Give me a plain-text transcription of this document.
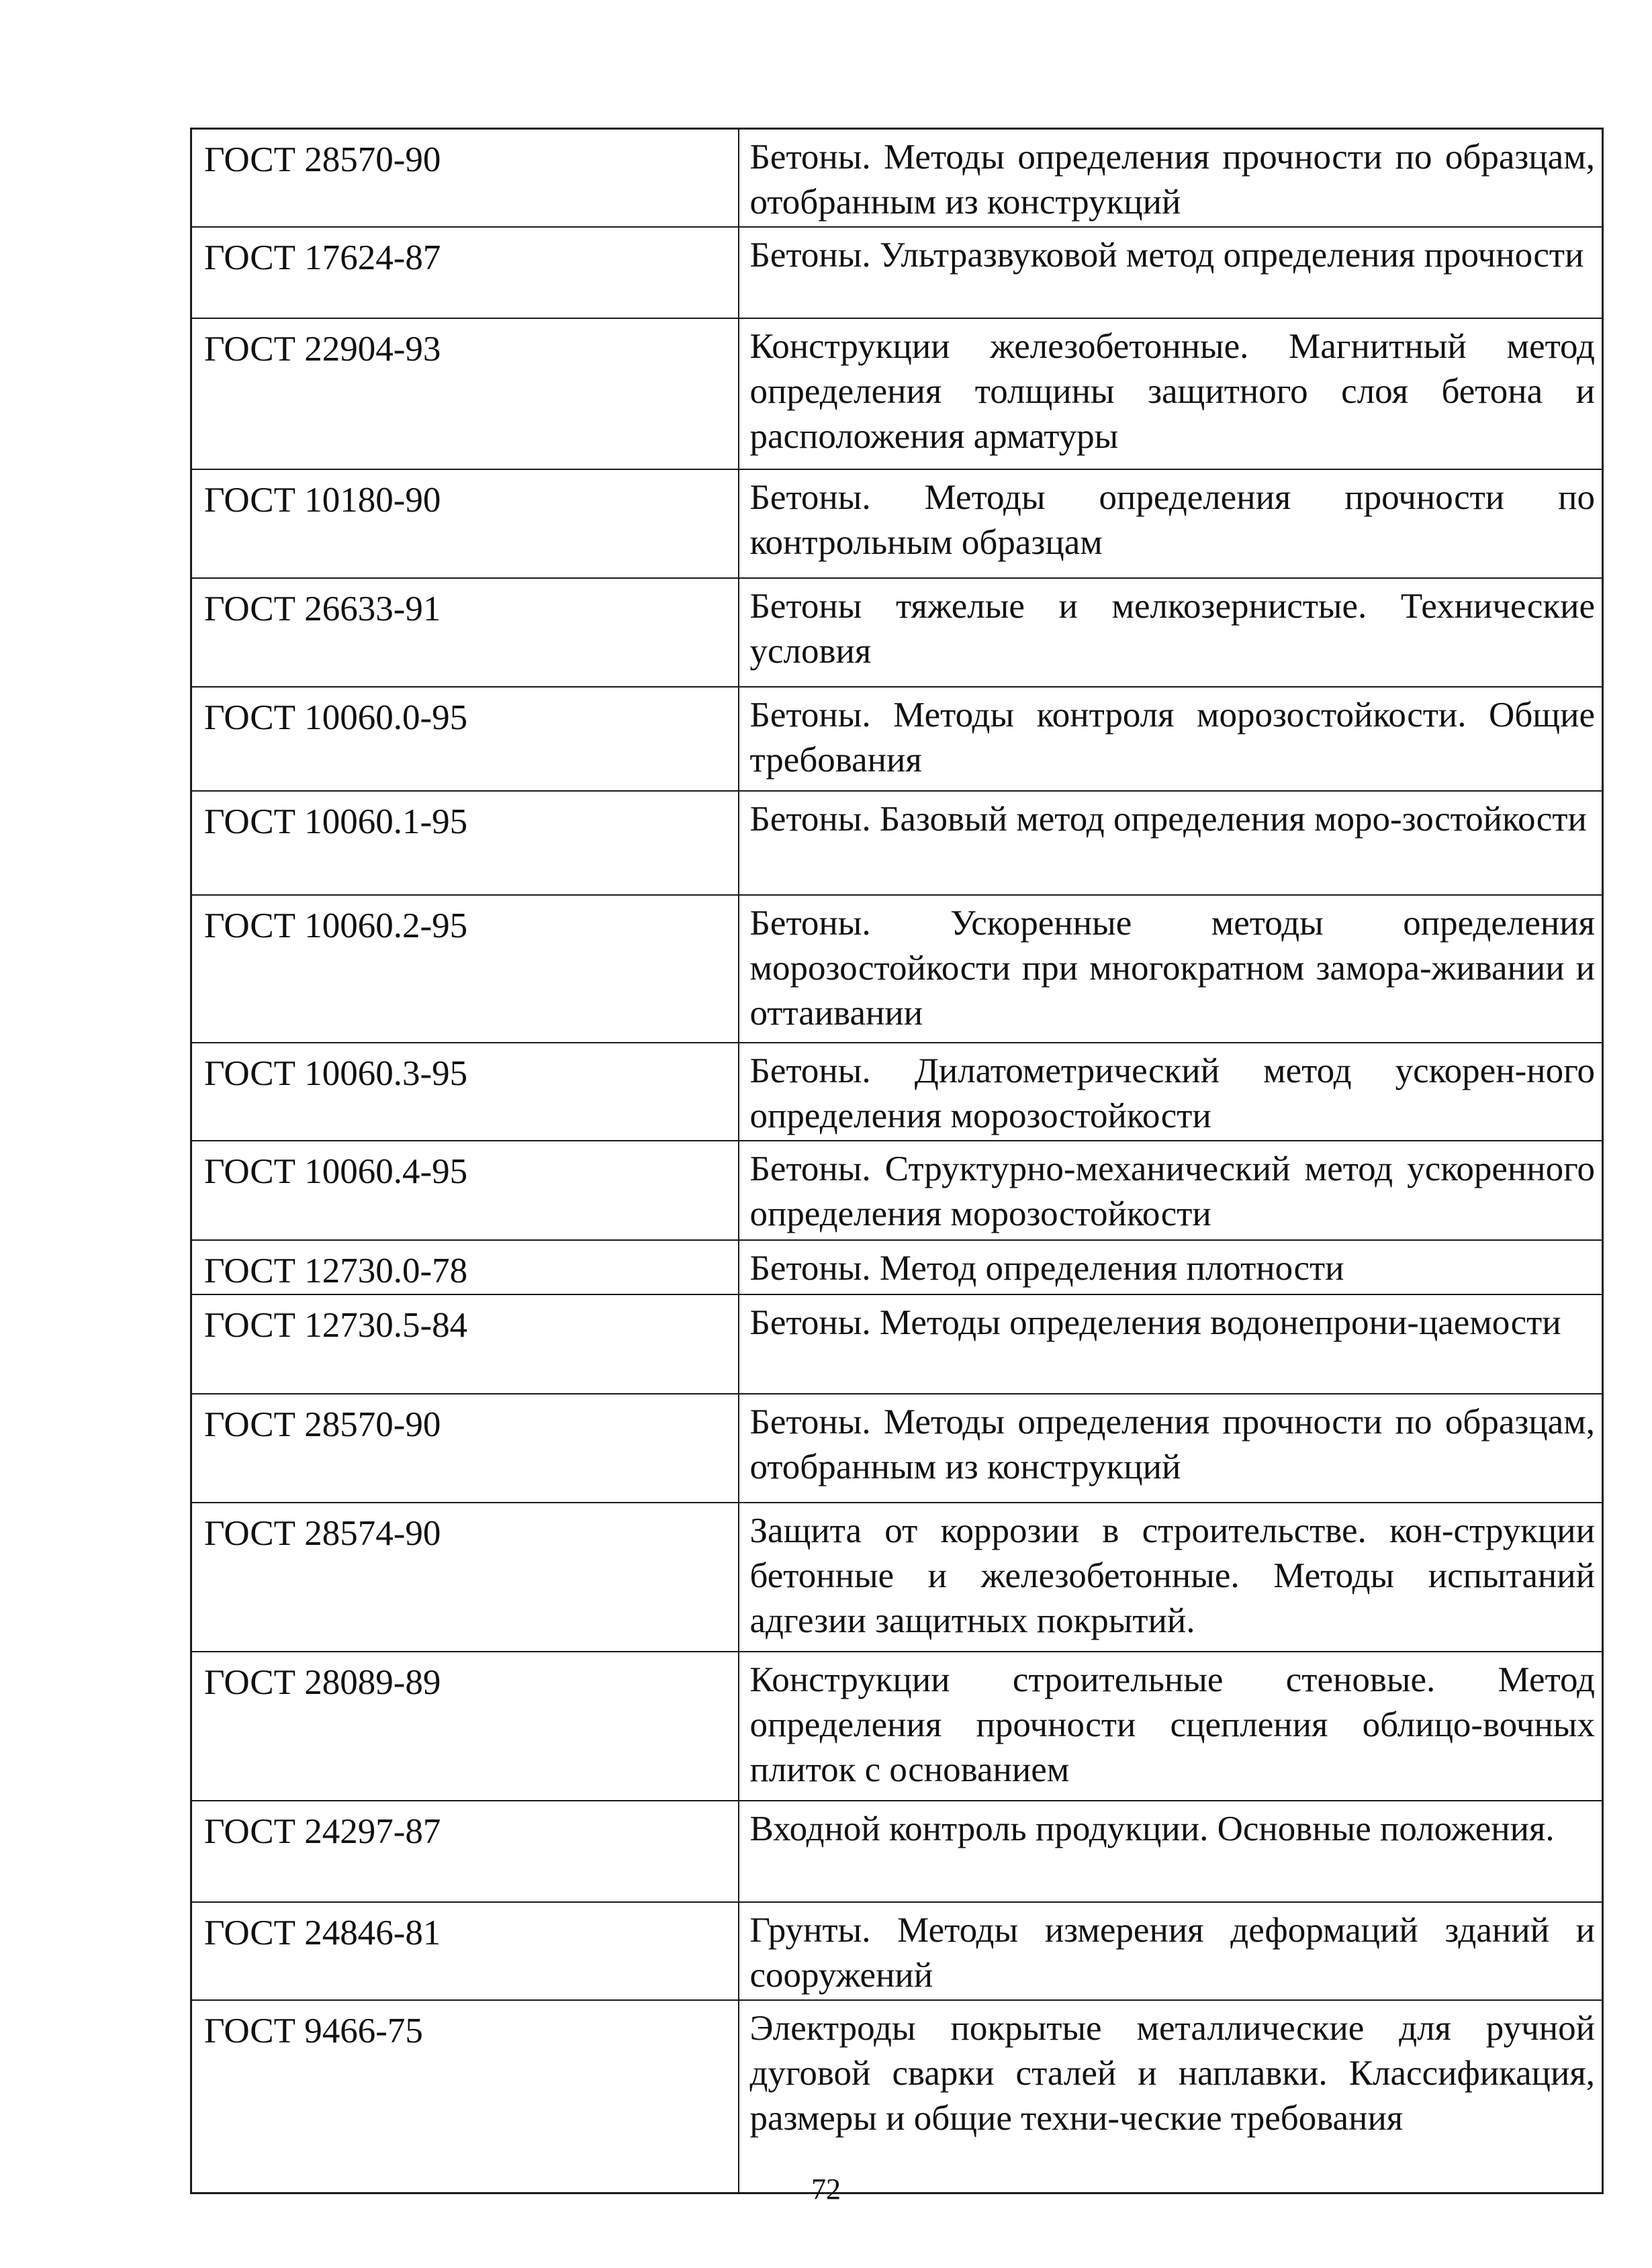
ГОСТ 28570-90	Бетоны. Методы определения прочности по образцам, отобранным из конструкций
ГОСТ 17624-87	Бетоны. Ультразвуковой метод определения прочности
ГОСТ 22904-93	Конструкции железобетонные. Магнитный метод определения толщины защитного слоя бетона и расположения арматуры
ГОСТ 10180-90	Бетоны. Методы определения прочности по контрольным образцам
ГОСТ 26633-91	Бетоны тяжелые и мелкозернистые. Технические условия
ГОСТ 10060.0-95	Бетоны. Методы контроля морозостойкости. Общие требования
ГОСТ 10060.1-95	Бетоны. Базовый метод определения моро-зостойкости
ГОСТ 10060.2-95	Бетоны. Ускоренные методы определения морозостойкости при многократном замора-живании и оттаивании
ГОСТ 10060.3-95	Бетоны. Дилатометрический метод ускорен-ного определения морозостойкости
ГОСТ 10060.4-95	Бетоны. Структурно-механический метод ускоренного определения морозостойкости
ГОСТ 12730.0-78	Бетоны. Метод определения плотности
ГОСТ 12730.5-84	Бетоны. Методы определения водонепрони-цаемости
ГОСТ 28570-90	Бетоны. Методы определения прочности по образцам, отобранным из конструкций
ГОСТ 28574-90	Защита от коррозии в строительстве. кон-струкции бетонные и железобетонные. Методы испытаний адгезии защитных покрытий.
ГОСТ 28089-89	Конструкции строительные стеновые. Метод определения прочности сцепления облицо-вочных плиток с основанием
ГОСТ 24297-87	Входной контроль продукции. Основные положения.
ГОСТ 24846-81	Грунты. Методы измерения деформаций зданий и сооружений
ГОСТ 9466-75	Электроды покрытые металлические для ручной дуговой сварки сталей и наплавки. Классификация, размеры и общие техни-ческие требования
72
